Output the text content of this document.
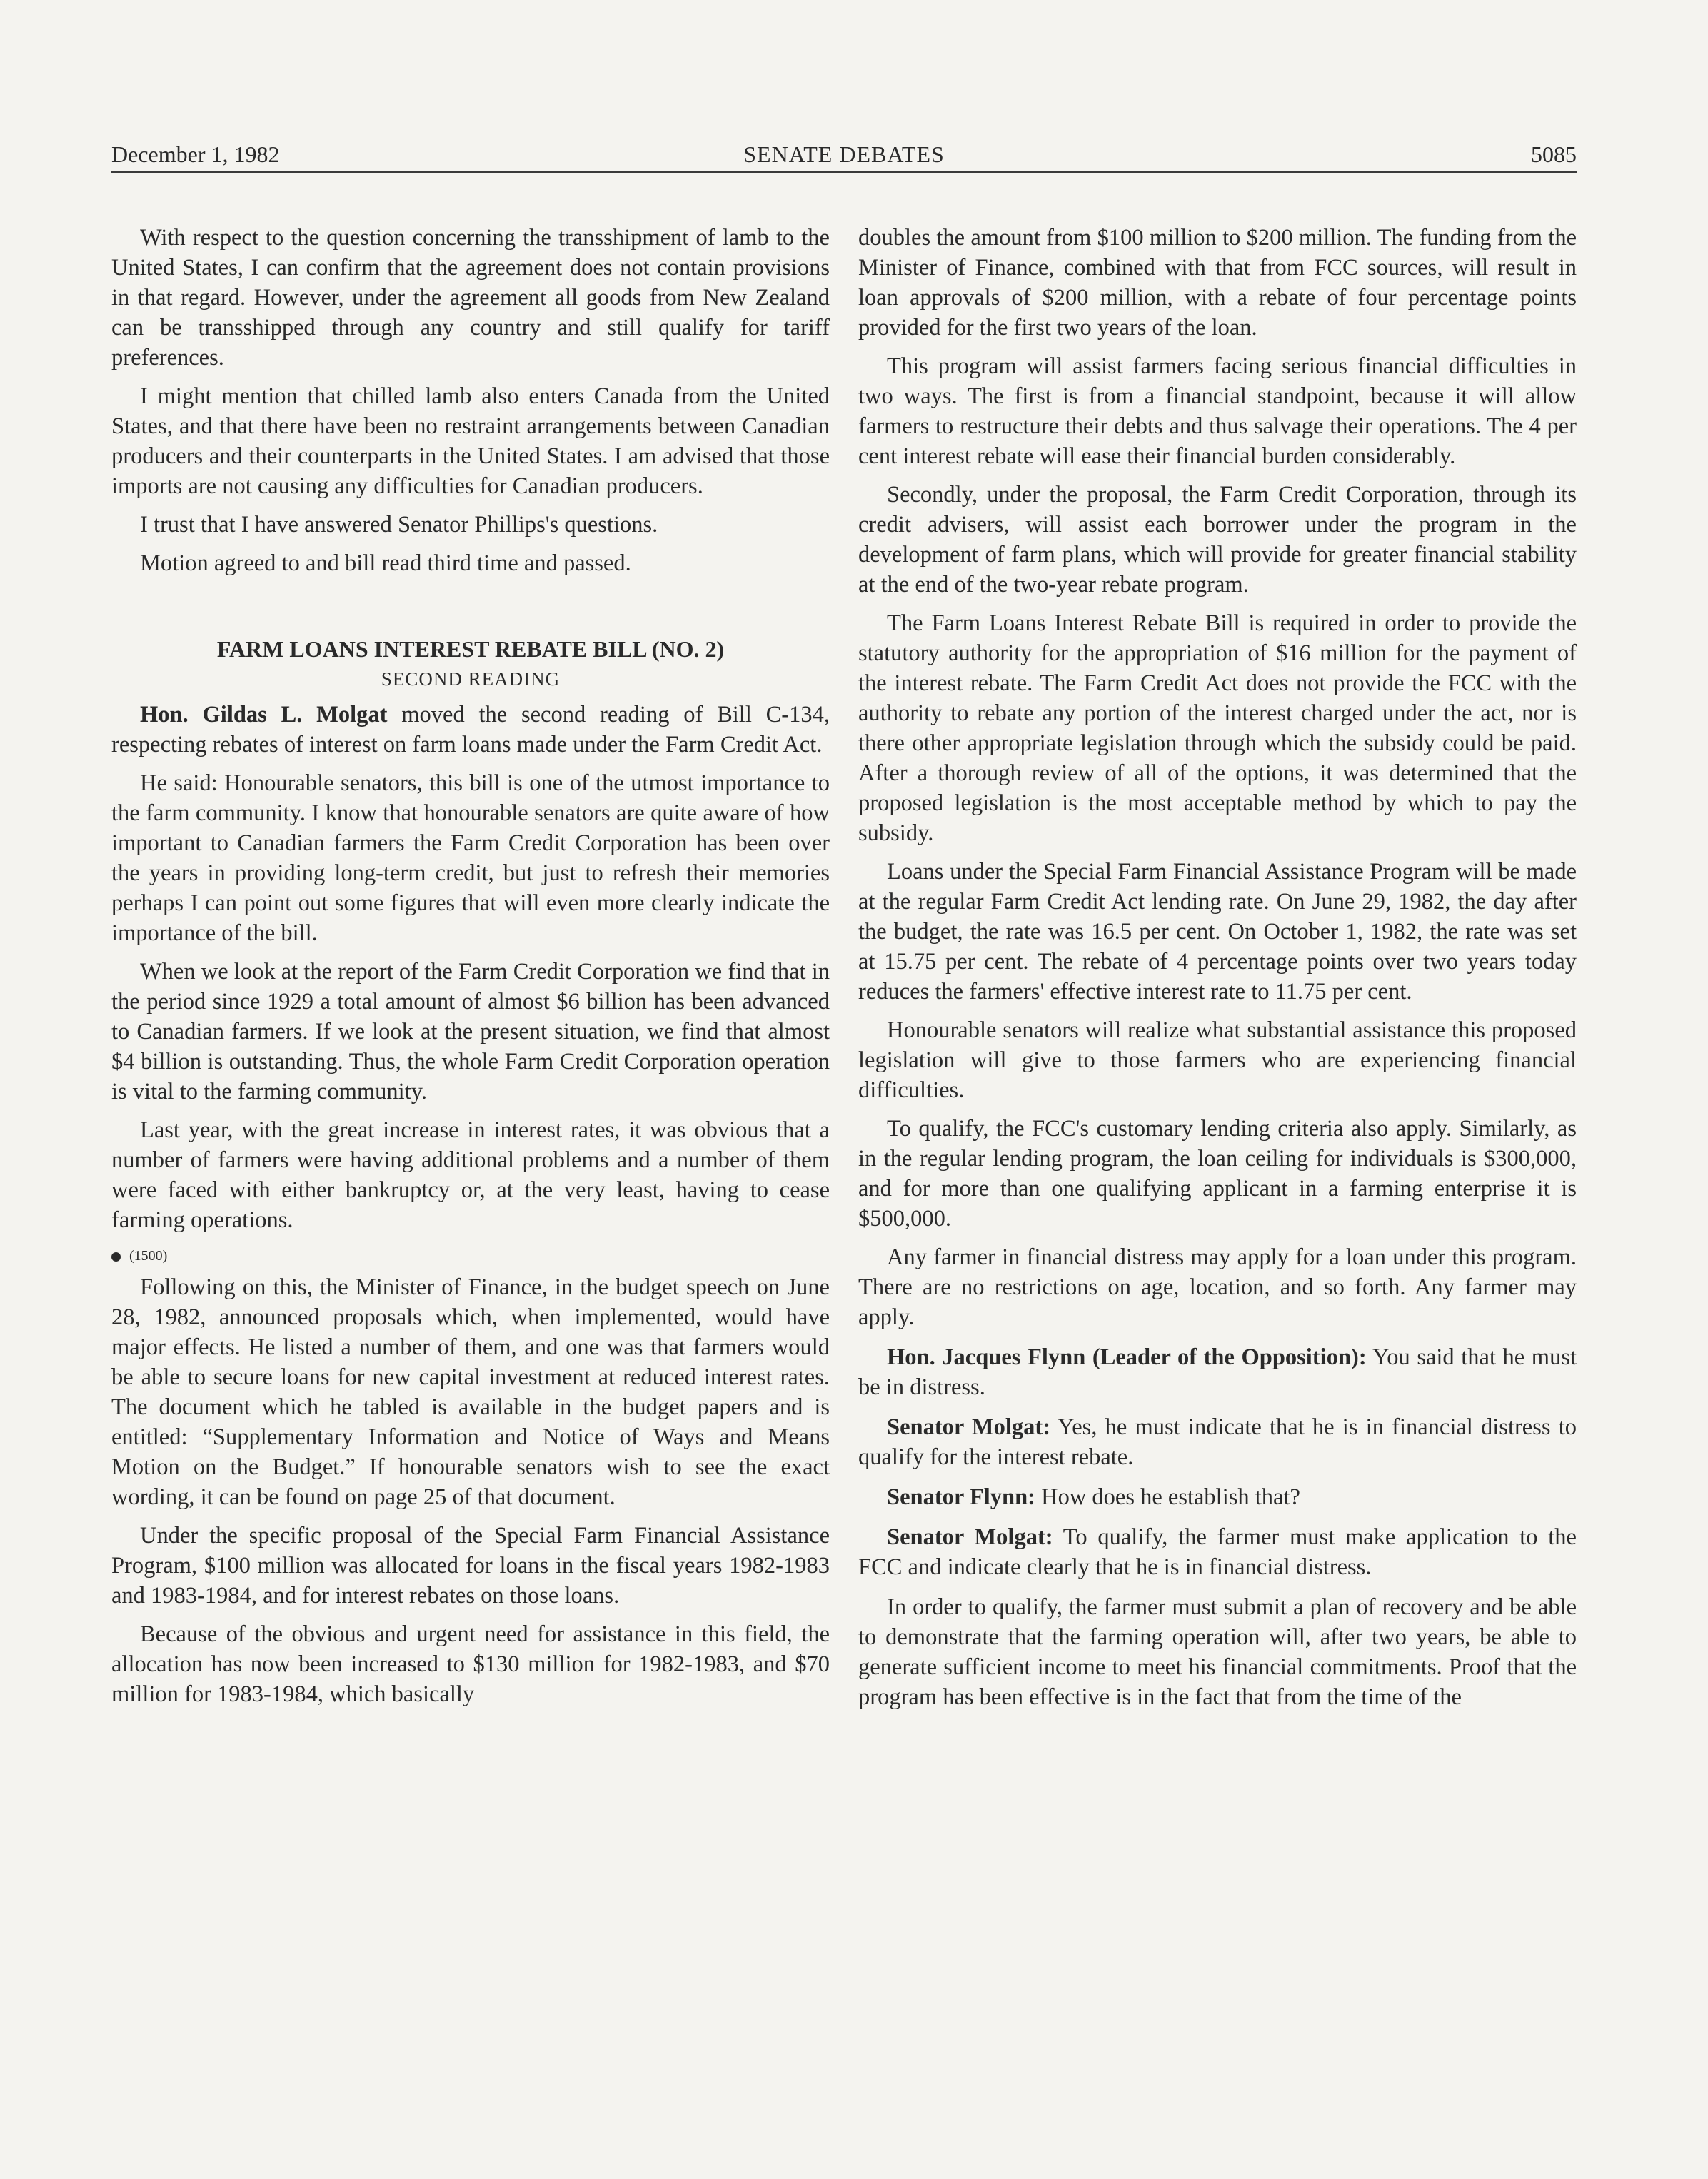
December 1, 1982	SENATE DEBATES	5085

With respect to the question concerning the transshipment of lamb to the United States, I can confirm that the agreement does not contain provisions in that regard. However, under the agreement all goods from New Zealand can be transshipped through any country and still qualify for tariff preferences.

I might mention that chilled lamb also enters Canada from the United States, and that there have been no restraint arrangements between Canadian producers and their counterparts in the United States. I am advised that those imports are not causing any difficulties for Canadian producers.

I trust that I have answered Senator Phillips's questions.

Motion agreed to and bill read third time and passed.

FARM LOANS INTEREST REBATE BILL (NO. 2)
SECOND READING

Hon. Gildas L. Molgat moved the second reading of Bill C-134, respecting rebates of interest on farm loans made under the Farm Credit Act.

He said: Honourable senators, this bill is one of the utmost importance to the farm community. I know that honourable senators are quite aware of how important to Canadian farmers the Farm Credit Corporation has been over the years in providing long-term credit, but just to refresh their memories perhaps I can point out some figures that will even more clearly indicate the importance of the bill.

When we look at the report of the Farm Credit Corporation we find that in the period since 1929 a total amount of almost $6 billion has been advanced to Canadian farmers. If we look at the present situation, we find that almost $4 billion is outstanding. Thus, the whole Farm Credit Corporation operation is vital to the farming community.

Last year, with the great increase in interest rates, it was obvious that a number of farmers were having additional problems and a number of them were faced with either bankruptcy or, at the very least, having to cease farming operations.

(1500)

Following on this, the Minister of Finance, in the budget speech on June 28, 1982, announced proposals which, when implemented, would have major effects. He listed a number of them, and one was that farmers would be able to secure loans for new capital investment at reduced interest rates. The document which he tabled is available in the budget papers and is entitled: “Supplementary Information and Notice of Ways and Means Motion on the Budget.” If honourable senators wish to see the exact wording, it can be found on page 25 of that document.

Under the specific proposal of the Special Farm Financial Assistance Program, $100 million was allocated for loans in the fiscal years 1982-1983 and 1983-1984, and for interest rebates on those loans.

Because of the obvious and urgent need for assistance in this field, the allocation has now been increased to $130 million for 1982-1983, and $70 million for 1983-1984, which basically

doubles the amount from $100 million to $200 million. The funding from the Minister of Finance, combined with that from FCC sources, will result in loan approvals of $200 million, with a rebate of four percentage points provided for the first two years of the loan.

This program will assist farmers facing serious financial difficulties in two ways. The first is from a financial standpoint, because it will allow farmers to restructure their debts and thus salvage their operations. The 4 per cent interest rebate will ease their financial burden considerably.

Secondly, under the proposal, the Farm Credit Corporation, through its credit advisers, will assist each borrower under the program in the development of farm plans, which will provide for greater financial stability at the end of the two-year rebate program.

The Farm Loans Interest Rebate Bill is required in order to provide the statutory authority for the appropriation of $16 million for the payment of the interest rebate. The Farm Credit Act does not provide the FCC with the authority to rebate any portion of the interest charged under the act, nor is there other appropriate legislation through which the subsidy could be paid. After a thorough review of all of the options, it was determined that the proposed legislation is the most acceptable method by which to pay the subsidy.

Loans under the Special Farm Financial Assistance Program will be made at the regular Farm Credit Act lending rate. On June 29, 1982, the day after the budget, the rate was 16.5 per cent. On October 1, 1982, the rate was set at 15.75 per cent. The rebate of 4 percentage points over two years today reduces the farmers' effective interest rate to 11.75 per cent.

Honourable senators will realize what substantial assistance this proposed legislation will give to those farmers who are experiencing financial difficulties.

To qualify, the FCC's customary lending criteria also apply. Similarly, as in the regular lending program, the loan ceiling for individuals is $300,000, and for more than one qualifying applicant in a farming enterprise it is $500,000.

Any farmer in financial distress may apply for a loan under this program. There are no restrictions on age, location, and so forth. Any farmer may apply.

Hon. Jacques Flynn (Leader of the Opposition): You said that he must be in distress.

Senator Molgat: Yes, he must indicate that he is in financial distress to qualify for the interest rebate.

Senator Flynn: How does he establish that?

Senator Molgat: To qualify, the farmer must make application to the FCC and indicate clearly that he is in financial distress.

In order to qualify, the farmer must submit a plan of recovery and be able to demonstrate that the farming operation will, after two years, be able to generate sufficient income to meet his financial commitments. Proof that the program has been effective is in the fact that from the time of the
